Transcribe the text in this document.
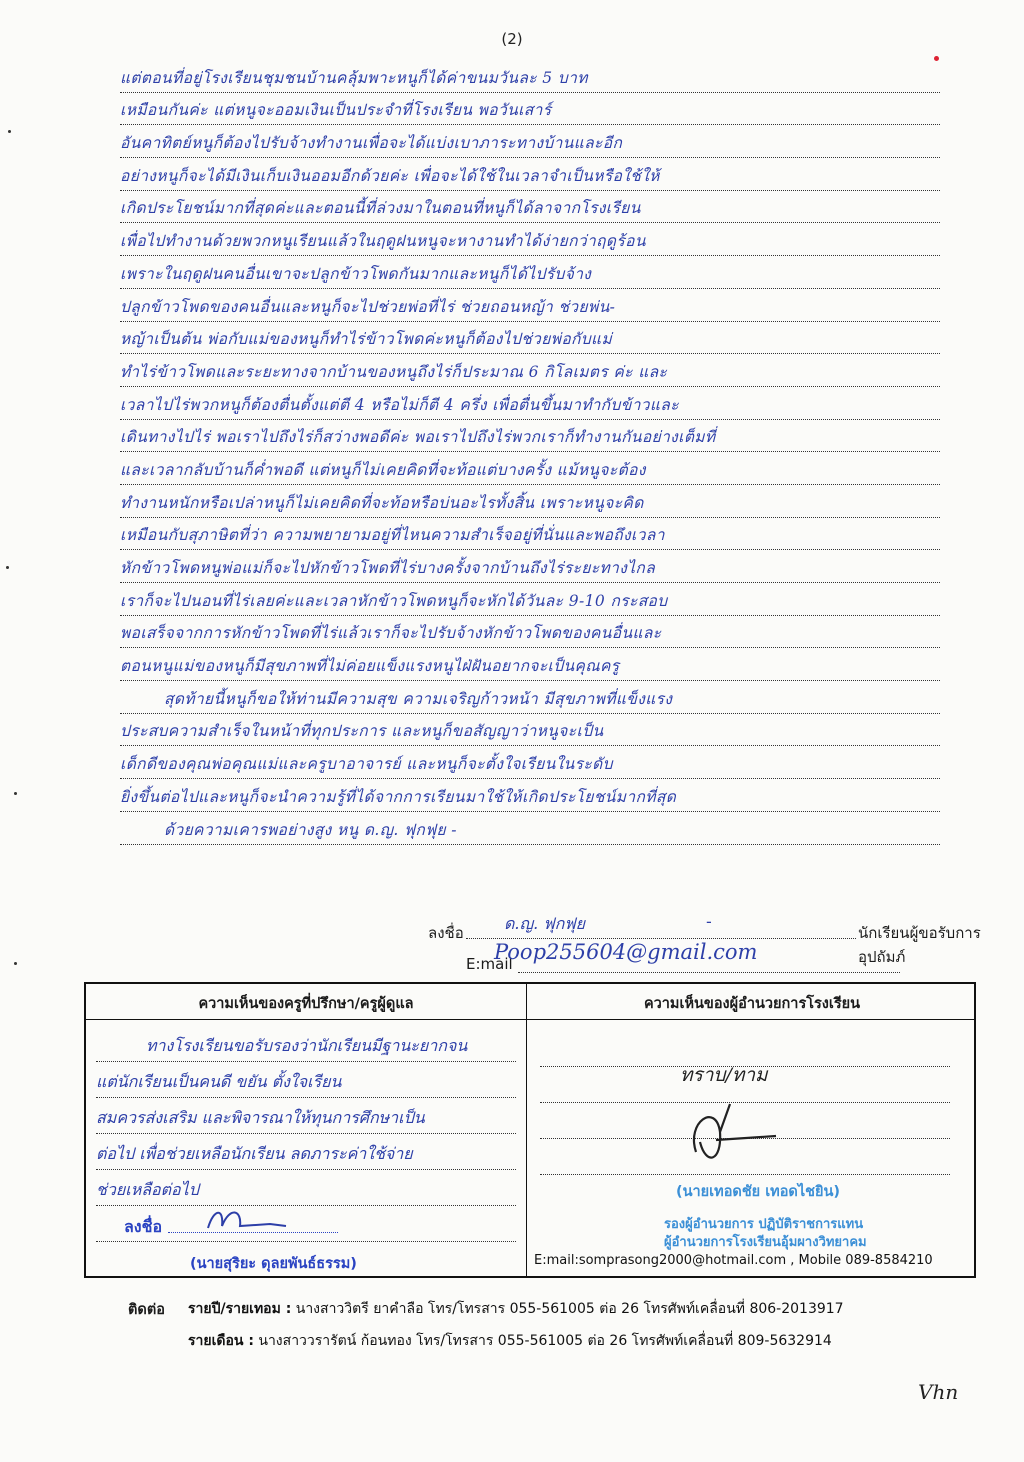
(2)
แต่ตอนที่อยู่โรงเรียนชุมชนบ้านคลุ้มพาะหนูก็ได้ค่าขนมวันละ 5 บาท
เหมือนกันค่ะ แต่หนูจะออมเงินเป็นประจำที่โรงเรียน พอวันเสาร์
อันคาทิตย์หนูก็ต้องไปรับจ้างทำงานเพื่อจะได้แบ่งเบาภาระทางบ้านและอีก
อย่างหนูก็จะได้มีเงินเก็บเงินออมอีกด้วยค่ะ เพื่อจะได้ใช้ในเวลาจำเป็นหรือใช้ให้
เกิดประโยชน์มากที่สุดค่ะและตอนนี้ที่ล่วงมาในตอนที่หนูก็ได้ลาจากโรงเรียน
เพื่อไปทำงานด้วยพวกหนูเรียนแล้วในฤดูฝนหนูจะหางานทำได้ง่ายกว่าฤดูร้อน
เพราะในฤดูฝนคนอื่นเขาจะปลูกข้าวโพดกันมากและหนูก็ได้ไปรับจ้าง
ปลูกข้าวโพดของคนอื่นและหนูก็จะไปช่วยพ่อที่ไร่ ช่วยถอนหญ้า ช่วยพ่น-
หญ้าเป็นต้น พ่อกับแม่ของหนูก็ทำไร่ข้าวโพดค่ะหนูก็ต้องไปช่วยพ่อกับแม่
ทำไร่ข้าวโพดและระยะทางจากบ้านของหนูถึงไร่ก็ประมาณ 6 กิโลเมตร ค่ะ และ
เวลาไปไร่พวกหนูก็ต้องตื่นตั้งแต่ตี 4 หรือไม่ก็ตี 4 ครึ่ง เพื่อตื่นขึ้นมาทำกับข้าวและ
เดินทางไปไร่ พอเราไปถึงไร่ก็สว่างพอดีค่ะ พอเราไปถึงไร่พวกเราก็ทำงานกันอย่างเต็มที่
และเวลากลับบ้านก็ค่ำพอดี แต่หนูก็ไม่เคยคิดที่จะท้อแต่บางครั้ง แม้หนูจะต้อง
ทำงานหนักหรือเปล่าหนูก็ไม่เคยคิดที่จะท้อหรือบ่นอะไรทั้งสิ้น เพราะหนูจะคิด
เหมือนกับสุภาษิตที่ว่า ความพยายามอยู่ที่ไหนความสำเร็จอยู่ที่นั่นและพอถึงเวลา
หักข้าวโพดหนูพ่อแม่ก็จะไปหักข้าวโพดที่ไร่บางครั้งจากบ้านถึงไร่ระยะทางไกล
เราก็จะไปนอนที่ไร่เลยค่ะและเวลาหักข้าวโพดหนูก็จะหักได้วันละ 9-10 กระสอบ
พอเสร็จจากการหักข้าวโพดที่ไร่แล้วเราก็จะไปรับจ้างหักข้าวโพดของคนอื่นและ
ตอนหนูแม่ของหนูก็มีสุขภาพที่ไม่ค่อยแข็งแรงหนูไฝ่ฝันอยากจะเป็นคุณครู
สุดท้ายนี้หนูก็ขอให้ท่านมีความสุข ความเจริญก้าวหน้า มีสุขภาพที่แข็งแรง
ประสบความสำเร็จในหน้าที่ทุกประการ และหนูก็ขอสัญญาว่าหนูจะเป็น
เด็กดีของคุณพ่อคุณแม่และครูบาอาจารย์ และหนูก็จะตั้งใจเรียนในระดับ
ยิ่งขึ้นต่อไปและหนูก็จะนำความรู้ที่ได้จากการเรียนมาใช้ให้เกิดประโยชน์มากที่สุด
ด้วยความเคารพอย่างสูง หนู ด.ญ. ฟุกฟุย -
ลงชื่อ	ด.ญ. ฟุกฟุย	-
นักเรียนผู้ขอรับการอุปถัมภ์
E:mail
Poop255604@gmail.com
ความเห็นของครูที่ปรึกษา/ครูผู้ดูแล	ความเห็นของผู้อำนวยการโรงเรียน
ทางโรงเรียนขอรับรองว่านักเรียนมีฐานะยากจน
แต่นักเรียนเป็นคนดี ขยัน ตั้งใจเรียน
สมควรส่งเสริม และพิจารณาให้ทุนการศึกษาเป็น
ต่อไป เพื่อช่วยเหลือนักเรียน ลดภาระค่าใช้จ่าย
ช่วยเหลือต่อไป
ลงชื่อ
(นายสุริยะ ดุลยพันธ์ธรรม)
ทราบ/ทาม
(นายเทอดชัย เทอดไชยิน)
รองผู้อำนวยการ ปฏิบัติราชการแทน
ผู้อำนวยการโรงเรียนอุ้มผางวิทยาคม
E:mail:somprasong2000@hotmail.com , Mobile 089-8584210
ติดต่อ รายปี/รายเทอม : นางสาววิตรี ยาคำลือ โทร/โทรสาร 055-561005 ต่อ 26 โทรศัพท์เคลื่อนที่ 806-2013917
รายเดือน : นางสาววรารัตน์ ก้อนทอง โทร/โทรสาร 055-561005 ต่อ 26 โทรศัพท์เคลื่อนที่ 809-5632914
Vhn
